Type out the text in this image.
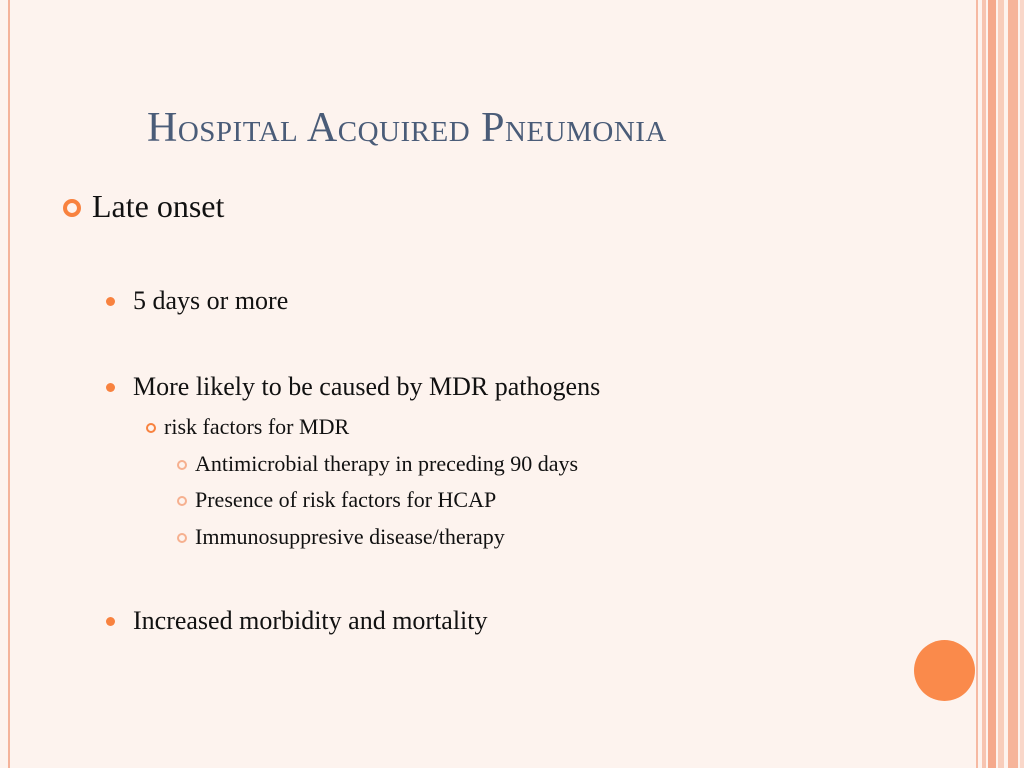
Hospital Acquired Pneumonia
Late onset
5 days or more
More likely to be caused by MDR pathogens
risk factors for MDR
Antimicrobial therapy in preceding 90 days
Presence of risk factors for HCAP
Immunosuppresive disease/therapy
Increased morbidity and mortality
